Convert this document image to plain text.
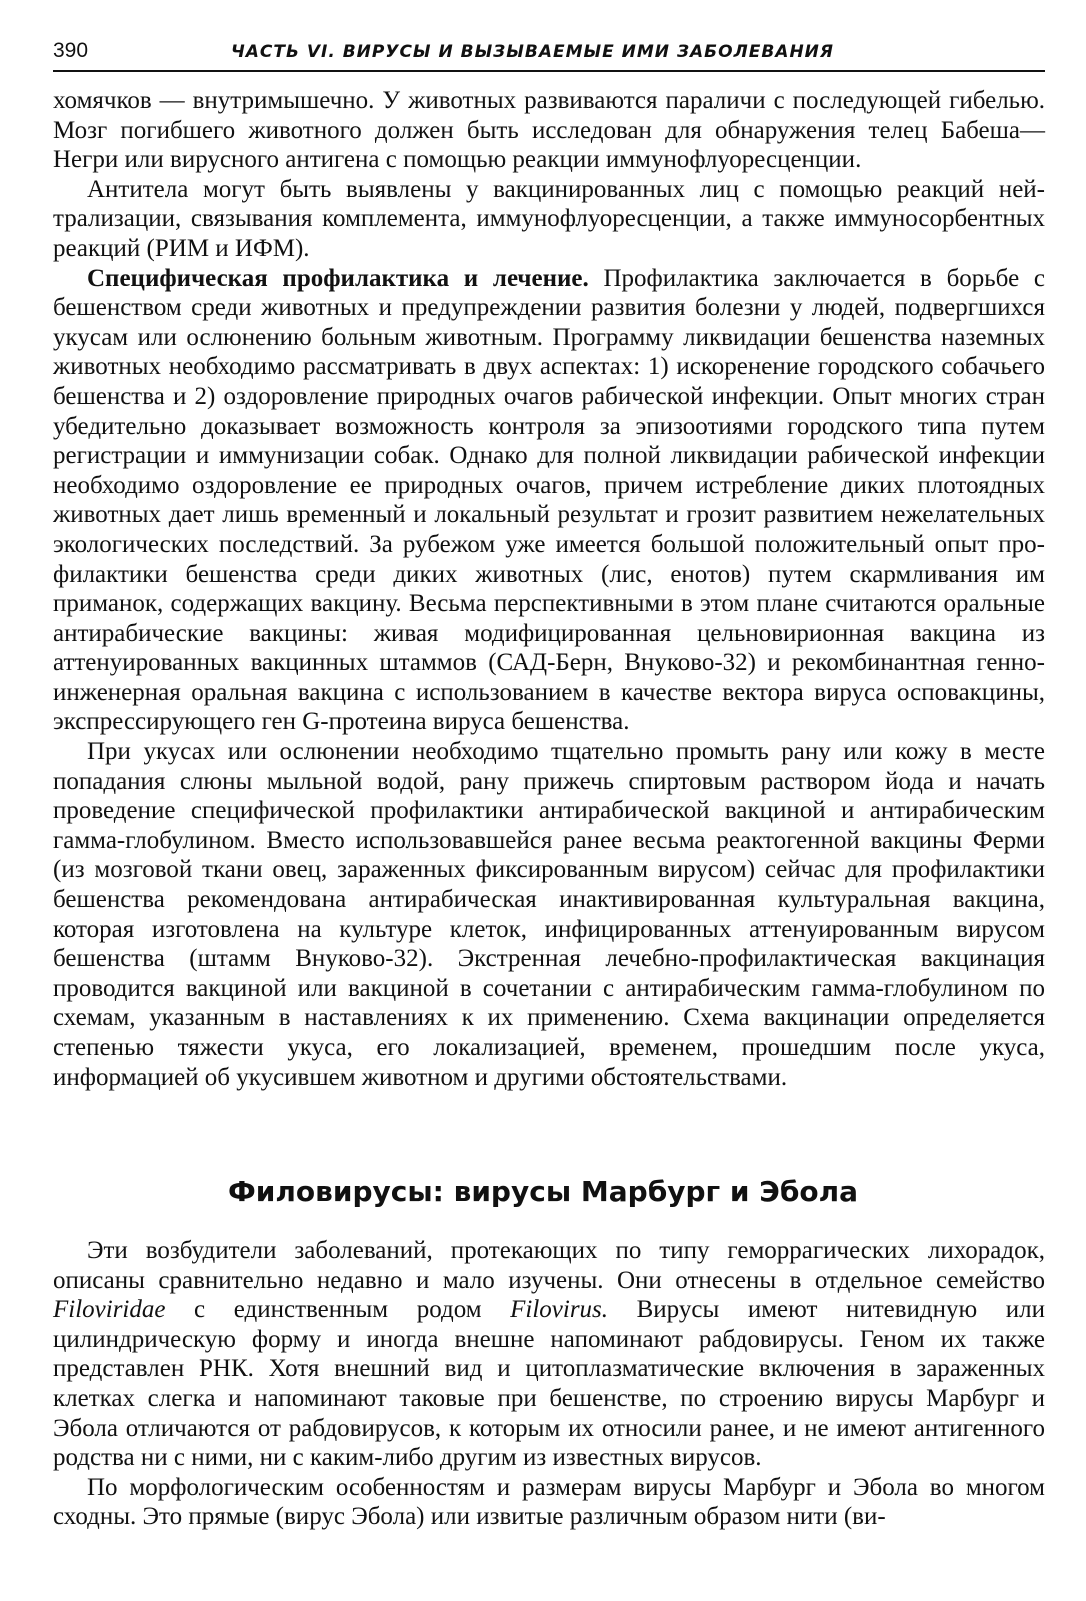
390	ЧАСТЬ VI. ВИРУСЫ И ВЫЗЫВАЕМЫЕ ИМИ ЗАБОЛЕВАНИЯ

хомячков — внутримышечно. У животных развиваются параличи с последующей гибелью. Мозг погибшего животного должен быть исследован для обнаружения телец Бабеша—Негри или вирусного антигена с помощью реакции иммунофлуоресценции.

Антитела могут быть выявлены у вакцинированных лиц с помощью реакций нейтрализации, связывания комплемента, иммунофлуоресценции, а также иммуносорбентных реакций (РИМ и ИФМ).

Специфическая профилактика и лечение. Профилактика заключается в борьбе с бешенством среди животных и предупреждении развития болезни у людей, подвергшихся укусам или ослюнению больным животным. Программу ликвидации бешенства наземных животных необходимо рассматривать в двух аспектах: 1) искоренение городского собачьего бешенства и 2) оздоровление природных очагов рабической инфекции. Опыт многих стран убедительно доказывает возможность контроля за эпизоотиями городского типа путем регистрации и иммунизации собак. Однако для полной ликвидации рабической инфекции необходимо оздоровление ее природных очагов, причем истребление диких плотоядных животных дает лишь временный и локальный результат и грозит развитием нежелательных экологических последствий. За рубежом уже имеется большой положительный опыт профилактики бешенства среди диких животных (лис, енотов) путем скармливания им приманок, содержащих вакцину. Весьма перспективными в этом плане считаются оральные антирабические вакцины: живая модифицированная цельновирионная вакцина из аттенуированных вакцинных штаммов (САД-Берн, Внуково-32) и рекомбинантная генно-инженерная оральная вакцина с использованием в качестве вектора вируса осповакцины, экспрессирующего ген G-протеина вируса бешенства.

При укусах или ослюнении необходимо тщательно промыть рану или кожу в месте попадания слюны мыльной водой, рану прижечь спиртовым раствором йода и начать проведение специфической профилактики антирабической вакциной и антирабическим гамма-глобулином. Вместо использовавшейся ранее весьма реактогенной вакцины Ферми (из мозговой ткани овец, зараженных фиксированным вирусом) сейчас для профилактики бешенства рекомендована антирабическая инактивированная культуральная вакцина, которая изготовлена на культуре клеток, инфицированных аттенуированным вирусом бешенства (штамм Внуково-32). Экстренная лечебно-профилактическая вакцинация проводится вакциной или вакциной в сочетании с антирабическим гамма-глобулином по схемам, указанным в наставлениях к их применению. Схема вакцинации определяется степенью тяжести укуса, его локализацией, временем, прошедшим после укуса, информацией об укусившем животном и другими обстоятельствами.

Филовирусы: вирусы Марбург и Эбола

Эти возбудители заболеваний, протекающих по типу геморрагических лихорадок, описаны сравнительно недавно и мало изучены. Они отнесены в отдельное семейство Filoviridae с единственным родом Filovirus. Вирусы имеют нитевидную или цилиндрическую форму и иногда внешне напоминают рабдовирусы. Геном их также представлен РНК. Хотя внешний вид и цитоплазматические включения в зараженных клетках слегка и напоминают таковые при бешенстве, по строению вирусы Марбург и Эбола отличаются от рабдовирусов, к которым их относили ранее, и не имеют антигенного родства ни с ними, ни с каким-либо другим из известных вирусов.

По морфологическим особенностям и размерам вирусы Марбург и Эбола во многом сходны. Это прямые (вирус Эбола) или извитые различным образом нити (ви-
